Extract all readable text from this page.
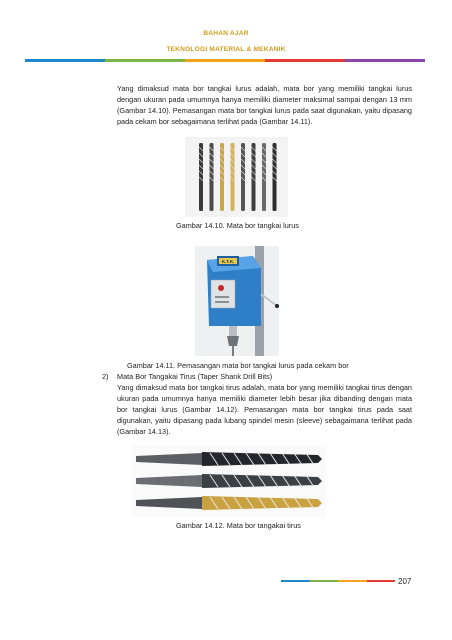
BAHAN AJAR
TEKNOLOGI MATERIAL & MEKANIK
Yang dimaksud mata bor tangkai lurus adalah, mata bor yang memiliki tangkai lurus dengan ukuran pada umumnya hanya memiliki diameter maksimal sampai dengan 13 mm (Gambar 14.10). Pemasangan mata bor tangkai lurus pada saat digunakan, yaitu dipasang pada cekam bor sebagaimana terlihat pada (Gambar 14.11).
Gambar 14.10. Mata bor tangkai lurus
K.T.K.
Gambar 14.11. Pemasangan mata bor tangkai lurus pada cekam bor
2) Mata Bor Tangakai Tirus (Taper Shank Drill Bits)
Yang dimaksud mata bor tangkai tirus adalah, mata bor yang memiliki tangkai tirus dengan ukuran pada umumnya hanya memiliki diameter lebih besar jika dibanding dengan mata bor tangkai lurus (Gambar 14.12). Pemasangan mata bor tangkai tirus pada saat digunakan, yaitu dipasang pada lubang spindel mesin (sleeve) sebagaimana terlihat pada (Gambar 14.13).
Gambar 14.12. Mata bor tangakai tirus
207
